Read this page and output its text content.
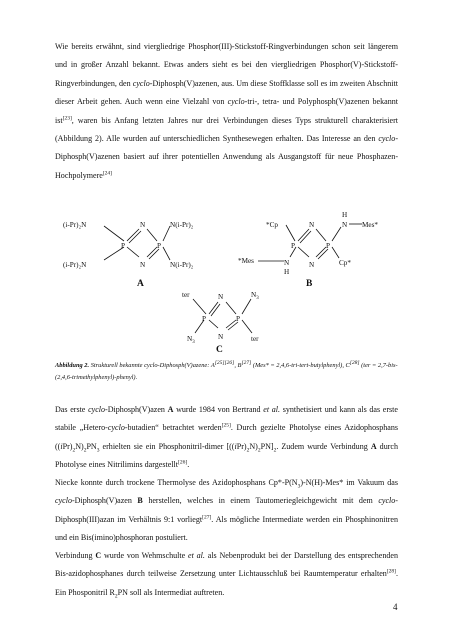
Wie bereits erwähnt, sind viergliedrige Phosphor(III)-Stickstoff-Ringverbindungen schon seit längerem und in großer Anzahl bekannt. Etwas anders sieht es bei den viergliedrigen Phosphor(V)-Stickstoff-Ringverbindungen, den cyclo-Diphosph(V)azenen, aus. Um diese Stoffklasse soll es im zweiten Abschnitt dieser Arbeit gehen. Auch wenn eine Vielzahl von cyclo-tri-, tetra- und Polyphosph(V)azenen bekannt ist[23], waren bis Anfang letzten Jahres nur drei Verbindungen dieses Typs strukturell charakterisiert (Abbildung 2). Alle wurden auf unterschiedlichen Synthesewegen erhalten. Das Interesse an den cyclo-Diphosph(V)azenen basiert auf ihrer potentiellen Anwendung als Ausgangstoff für neue Phosphazen-Hochpolymere[24]

(i-Pr)₂N	N	N(i-Pr)₂
P	P
(i-Pr)₂N	N	N(i-Pr)₂
A
*Cp	N	N
H
Mes*
P	P
*Mes	N
H
N	Cp*
B
ter	N	$N_3$
P	P
$N_3$
N	ter
C

Abbildung 2. Strukturell bekannte cyclo-Diphosph(V)azene: A[25][26], B[27] (Mes* = 2,4,6-tri-tert-butylphenyl), C[28] (ter = 2,7-bis-(2,4,6-trimethylphenyl)-phenyl).

Das erste cyclo-Diphosph(V)azen A wurde 1984 von Bertrand et al. synthetisiert und kann als das erste stabile „Hetero-cyclo-butadien“ betrachtet werden[25]. Durch gezielte Photolyse eines Azidophosphans $((iPr)_2N)_2PN_3$ erhielten sie ein Phosphonitril-dimer $[((iPr)_2N)_2PN]_2$. Zudem wurde Verbindung A durch Photolyse eines Nitrilimins dargestellt[26].

Niecke konnte durch trockene Thermolyse des Azidophosphans $Cp*-P(N_3)-N(H)-Mes*$ im Vakuum das cyclo-Diphosph(V)azen B herstellen, welches in einem Tautomeriegleichgewicht mit dem cyclo-Diphosph(III)azan im Verhältnis 9:1 vorliegt[27]. Als mögliche Intermediate werden ein Phosphinonitren und ein Bis(imino)phosphoran postuliert.

Verbindung C wurde von Wehmschulte et al. als Nebenprodukt bei der Darstellung des entsprechenden Bis-azidophosphanes durch teilweise Zersetzung unter Lichtausschluß bei Raumtemperatur erhalten[28]. Ein Phosponitril $R_2PN$ soll als Intermediat auftreten.

4
